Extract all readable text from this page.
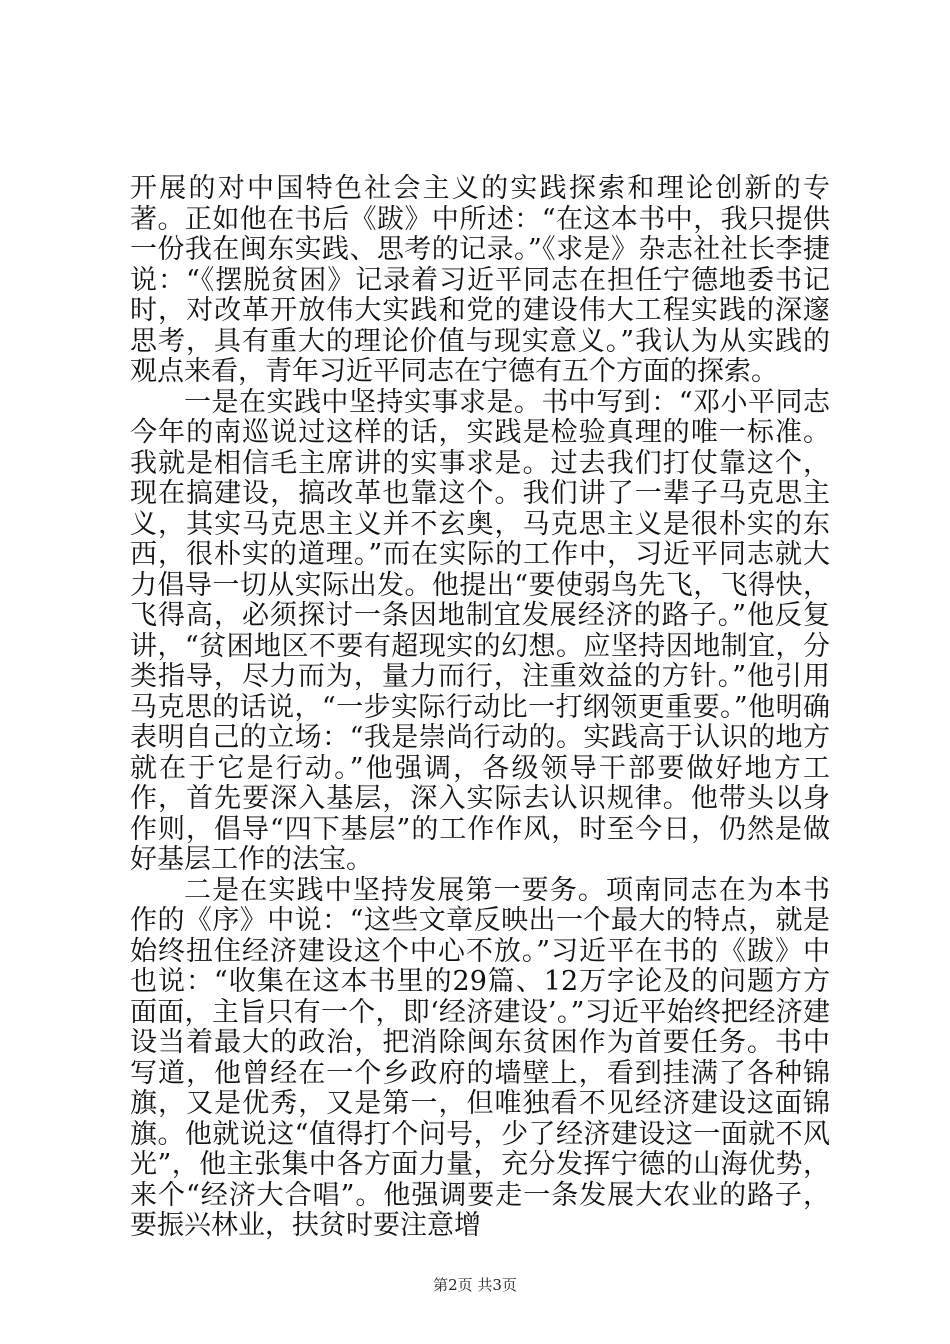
开展的对中国特色社会主义的实践探索和理论创新的专著。正如他在书后《跋》中所述：“在这本书中，我只提供一份我在闽东实践、思考的记录。”《求是》杂志社社长李捷说：“《摆脱贫困》记录着习近平同志在担任宁德地委书记时，对改革开放伟大实践和党的建设伟大工程实践的深邃思考，具有重大的理论价值与现实意义。”我认为从实践的观点来看，青年习近平同志在宁德有五个方面的探索。

一是在实践中坚持实事求是。书中写到：“邓小平同志今年的南巡说过这样的话，实践是检验真理的唯一标准。我就是相信毛主席讲的实事求是。过去我们打仗靠这个，现在搞建设，搞改革也靠这个。我们讲了一辈子马克思主义，其实马克思主义并不玄奥，马克思主义是很朴实的东西，很朴实的道理。”而在实际的工作中，习近平同志就大力倡导一切从实际出发。他提出“要使弱鸟先飞，飞得快，飞得高，必须探讨一条因地制宜发展经济的路子。”他反复讲，“贫困地区不要有超现实的幻想。应坚持因地制宜，分类指导，尽力而为，量力而行，注重效益的方针。”他引用马克思的话说，“一步实际行动比一打纲领更重要。”他明确表明自己的立场：“我是崇尚行动的。实践高于认识的地方就在于它是行动。”他强调，各级领导干部要做好地方工作，首先要深入基层，深入实际去认识规律。他带头以身作则，倡导“四下基层”的工作作风，时至今日，仍然是做好基层工作的法宝。

二是在实践中坚持发展第一要务。项南同志在为本书作的《序》中说：“这些文章反映出一个最大的特点，就是始终扭住经济建设这个中心不放。”习近平在书的《跋》中也说：“收集在这本书里的29篇、12万字论及的问题方方面面，主旨只有一个，即‘经济建设’。”习近平始终把经济建设当着最大的政治，把消除闽东贫困作为首要任务。书中写道，他曾经在一个乡政府的墙壁上，看到挂满了各种锦旗，又是优秀，又是第一，但唯独看不见经济建设这面锦旗。他就说这“值得打个问号，少了经济建设这一面就不风光”，他主张集中各方面力量，充分发挥宁德的山海优势，来个“经济大合唱”。他强调要走一条发展大农业的路子，要振兴林业，扶贫时要注意增

第2页 共3页
